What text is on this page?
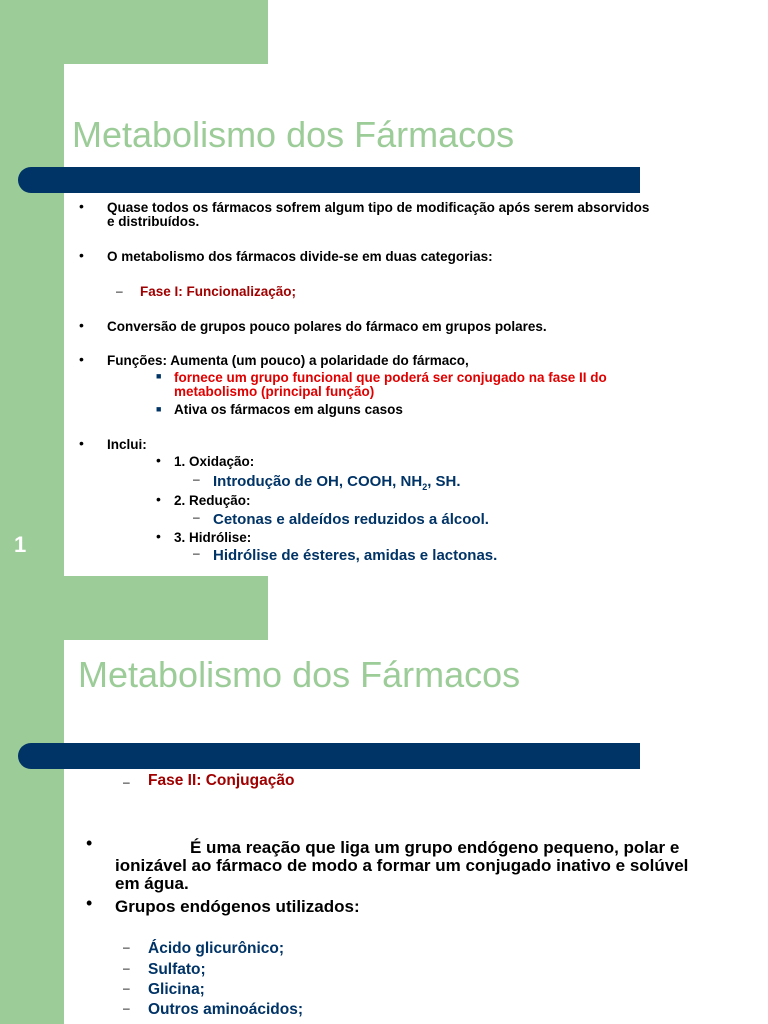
Metabolismo dos Fármacos
1
• Quase todos os fármacos sofrem algum tipo de modificação após serem absorvidos
e distribuídos.
• O metabolismo dos fármacos divide-se em duas categorias:
– Fase I: Funcionalização;
• Conversão de grupos pouco polares do fármaco em grupos polares.
• Funções: Aumenta (um pouco) a polaridade do fármaco,
■ fornece um grupo funcional que poderá ser conjugado na fase II do
metabolismo (principal função)
■ Ativa os fármacos em alguns casos
• Inclui:
• 1. Oxidação:
– Introdução de OH, COOH, $NH_2$, SH.
• 2. Redução:
– Cetonas e aldeídos reduzidos a álcool.
• 3. Hidrólise:
– Hidrólise de ésteres, amidas e lactonas.
Metabolismo dos Fármacos
– Fase II: Conjugação
•	É uma reação que liga um grupo endógeno pequeno, polar e
ionizável ao fármaco de modo a formar um conjugado inativo e solúvel
em água.
• Grupos endógenos utilizados:
– Ácido glicurônico;
– Sulfato;
– Glicina;
– Outros aminoácidos;
